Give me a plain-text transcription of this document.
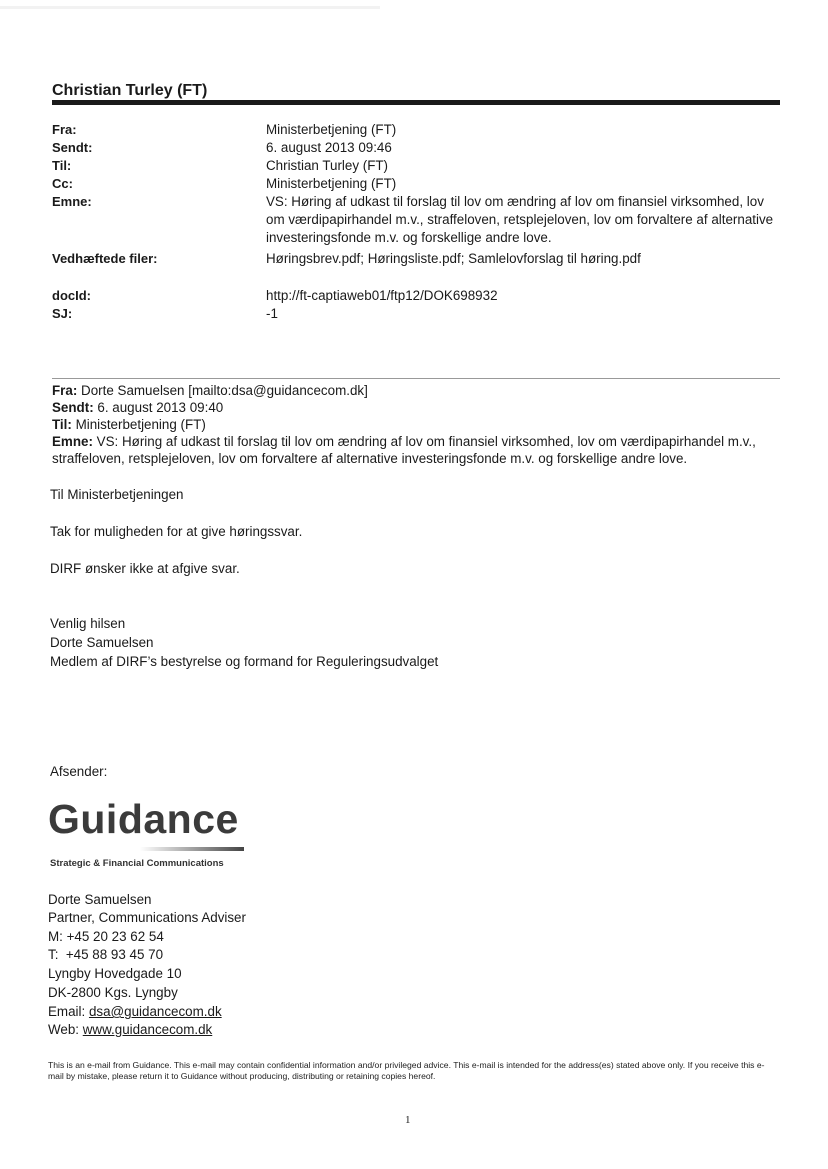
Christian Turley (FT)
Fra:	Ministerbetjening (FT)
Sendt:	6. august 2013 09:46
Til:	Christian Turley (FT)
Cc:	Ministerbetjening (FT)
Emne:	VS: Høring af udkast til forslag til lov om ændring af lov om finansiel virksomhed, lov om værdipapirhandel m.v., straffeloven, retsplejeloven, lov om forvaltere af alternative investeringsfonde m.v. og forskellige andre love.
Vedhæftede filer:	Høringsbrev.pdf; Høringsliste.pdf; Samlelovforslag til høring.pdf
docId:	http://ft-captiaweb01/ftp12/DOK698932
SJ:	-1
Fra: Dorte Samuelsen [mailto:dsa@guidancecom.dk]
Sendt: 6. august 2013 09:40
Til: Ministerbetjening (FT)
Emne: VS: Høring af udkast til forslag til lov om ændring af lov om finansiel virksomhed, lov om værdipapirhandel m.v., straffeloven, retsplejeloven, lov om forvaltere af alternative investeringsfonde m.v. og forskellige andre love.
Til Ministerbetjeningen
Tak for muligheden for at give høringssvar.
DIRF ønsker ikke at afgive svar.
Venlig hilsen
Dorte Samuelsen
Medlem af DIRF’s bestyrelse og formand for Reguleringsudvalget
Afsender:
Guidance
Strategic & Financial Communications
Dorte Samuelsen
Partner, Communications Adviser
M: +45 20 23 62 54
T:  +45 88 93 45 70
Lyngby Hovedgade 10
DK-2800 Kgs. Lyngby
Email: dsa@guidancecom.dk
Web: www.guidancecom.dk
This is an e-mail from Guidance. This e-mail may contain confidential information and/or privileged advice. This e-mail is intended for the address(es) stated above only. If you receive this e-mail by mistake, please return it to Guidance without producing, distributing or retaining copies hereof.
1
